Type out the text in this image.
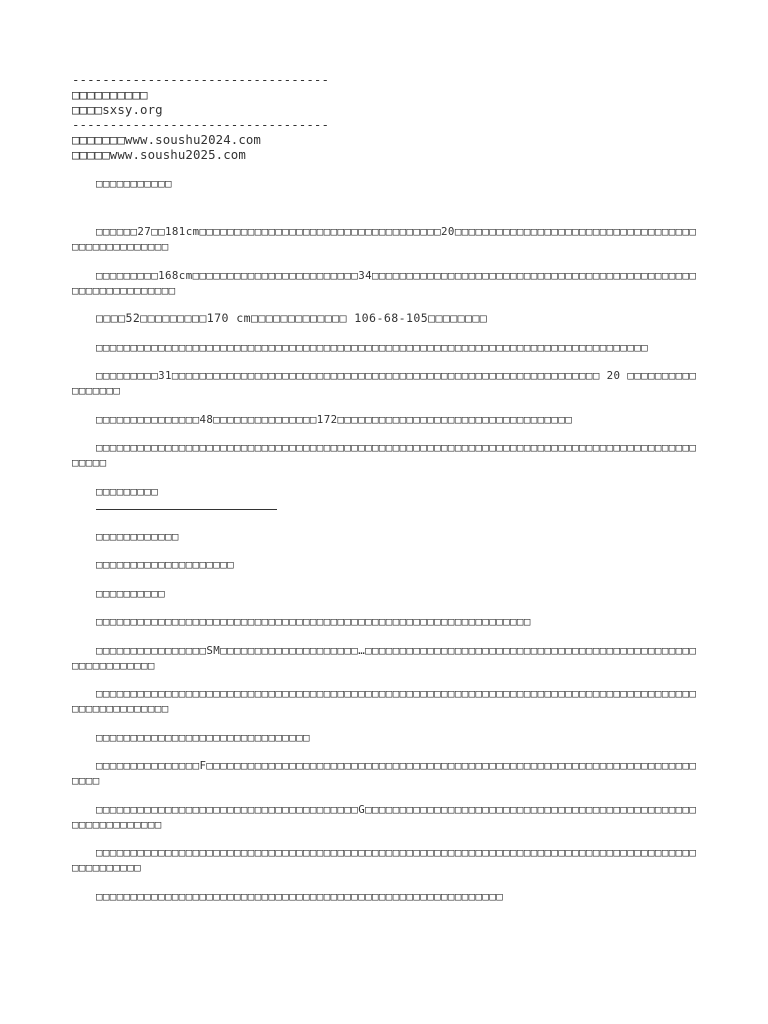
----------------------------------
□□□□□□□□□□
□□□□sxsy.org
----------------------------------
□□□□□□□www.soushu2024.com
□□□□□www.soushu2025.com

□□□□□□□□□□□

□□□□□□27□□181cm□□□□□□□□□□□□□□□□□□□□□□□□□□□□□□□□□□□20□□□□□□□□□□□□□□□□□□□□□□□□□□□□□□□□□□□□□□□□□□□□□□□□□

□□□□□□□□□168cm□□□□□□□□□□□□□□□□□□□□□□□□34□□□□□□□□□□□□□□□□□□□□□□□□□□□□□□□□□□□□□□□□□□□□□□□□□□□□□□□□□□□□□□

□□□□52□□□□□□□□□170 cm□□□□□□□□□□□□□ 106-68-105□□□□□□□□

□□□□□□□□□□□□□□□□□□□□□□□□□□□□□□□□□□□□□□□□□□□□□□□□□□□□□□□□□□□□□□□□□□□□□□□□□□□□□□□□

□□□□□□□□□31□□□□□□□□□□□□□□□□□□□□□□□□□□□□□□□□□□□□□□□□□□□□□□□□□□□□□□□□□□□□□□ 20 □□□□□□□□□□□□□□□□□

□□□□□□□□□□□□□□□48□□□□□□□□□□□□□□□172□□□□□□□□□□□□□□□□□□□□□□□□□□□□□□□□□□

□□□□□□□□□□□□□□□□□□□□□□□□□□□□□□□□□□□□□□□□□□□□□□□□□□□□□□□□□□□□□□□□□□□□□□□□□□□□□□□□□□□□□□□□□□□□

□□□□□□□□□

□□□□□□□□□□□□

□□□□□□□□□□□□□□□□□□□□

□□□□□□□□□□

□□□□□□□□□□□□□□□□□□□□□□□□□□□□□□□□□□□□□□□□□□□□□□□□□□□□□□□□□□□□□□□

□□□□□□□□□□□□□□□□SM□□□□□□□□□□□□□□□□□□□□…□□□□□□□□□□□□□□□□□□□□□□□□□□□□□□□□□□□□□□□□□□□□□□□□□□□□□□□□□□□□

□□□□□□□□□□□□□□□□□□□□□□□□□□□□□□□□□□□□□□□□□□□□□□□□□□□□□□□□□□□□□□□□□□□□□□□□□□□□□□□□□□□□□□□□□□□□□□□□□□□□□

□□□□□□□□□□□□□□□□□□□□□□□□□□□□□□□

□□□□□□□□□□□□□□□F□□□□□□□□□□□□□□□□□□□□□□□□□□□□□□□□□□□□□□□□□□□□□□□□□□□□□□□□□□□□□□□□□□□□□□□□□□□

□□□□□□□□□□□□□□□□□□□□□□□□□□□□□□□□□□□□□□G□□□□□□□□□□□□□□□□□□□□□□□□□□□□□□□□□□□□□□□□□□□□□□□□□□□□□□□□□□□□□

□□□□□□□□□□□□□□□□□□□□□□□□□□□□□□□□□□□□□□□□□□□□□□□□□□□□□□□□□□□□□□□□□□□□□□□□□□□□□□□□□□□□□□□□□□□□□□□□□

□□□□□□□□□□□□□□□□□□□□□□□□□□□□□□□□□□□□□□□□□□□□□□□□□□□□□□□□□□□
